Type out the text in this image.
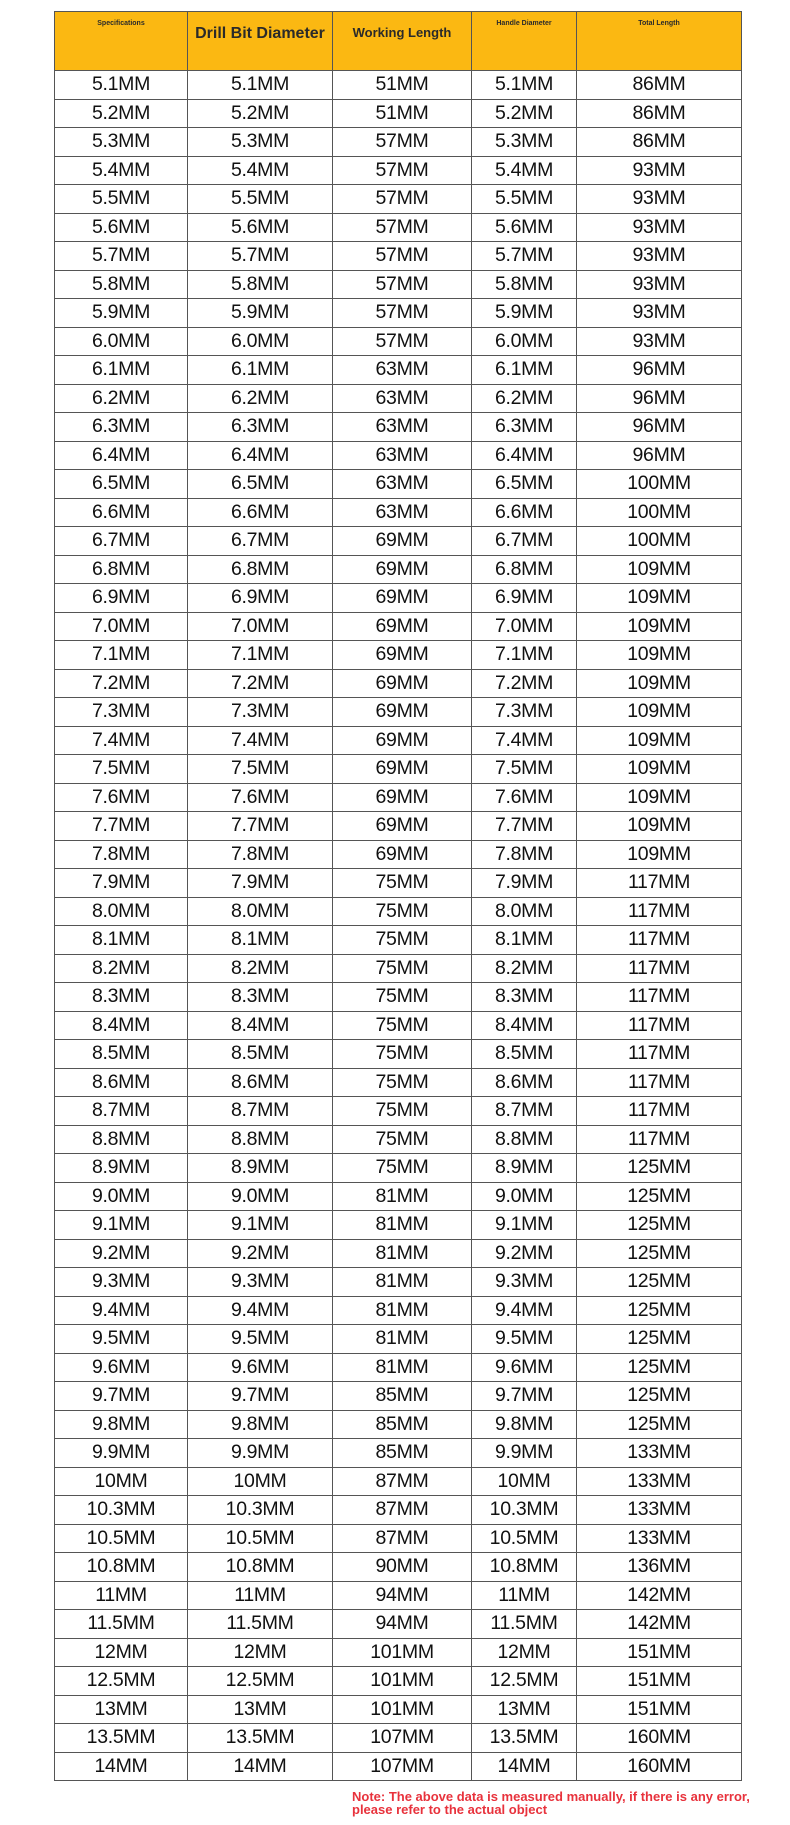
Specifications	Drill Bit Diameter	Working Length	Handle Diameter	Total Length
5.1MM	5.1MM	51MM	5.1MM	86MM
5.2MM	5.2MM	51MM	5.2MM	86MM
5.3MM	5.3MM	57MM	5.3MM	86MM
5.4MM	5.4MM	57MM	5.4MM	93MM
5.5MM	5.5MM	57MM	5.5MM	93MM
5.6MM	5.6MM	57MM	5.6MM	93MM
5.7MM	5.7MM	57MM	5.7MM	93MM
5.8MM	5.8MM	57MM	5.8MM	93MM
5.9MM	5.9MM	57MM	5.9MM	93MM
6.0MM	6.0MM	57MM	6.0MM	93MM
6.1MM	6.1MM	63MM	6.1MM	96MM
6.2MM	6.2MM	63MM	6.2MM	96MM
6.3MM	6.3MM	63MM	6.3MM	96MM
6.4MM	6.4MM	63MM	6.4MM	96MM
6.5MM	6.5MM	63MM	6.5MM	100MM
6.6MM	6.6MM	63MM	6.6MM	100MM
6.7MM	6.7MM	69MM	6.7MM	100MM
6.8MM	6.8MM	69MM	6.8MM	109MM
6.9MM	6.9MM	69MM	6.9MM	109MM
7.0MM	7.0MM	69MM	7.0MM	109MM
7.1MM	7.1MM	69MM	7.1MM	109MM
7.2MM	7.2MM	69MM	7.2MM	109MM
7.3MM	7.3MM	69MM	7.3MM	109MM
7.4MM	7.4MM	69MM	7.4MM	109MM
7.5MM	7.5MM	69MM	7.5MM	109MM
7.6MM	7.6MM	69MM	7.6MM	109MM
7.7MM	7.7MM	69MM	7.7MM	109MM
7.8MM	7.8MM	69MM	7.8MM	109MM
7.9MM	7.9MM	75MM	7.9MM	117MM
8.0MM	8.0MM	75MM	8.0MM	117MM
8.1MM	8.1MM	75MM	8.1MM	117MM
8.2MM	8.2MM	75MM	8.2MM	117MM
8.3MM	8.3MM	75MM	8.3MM	117MM
8.4MM	8.4MM	75MM	8.4MM	117MM
8.5MM	8.5MM	75MM	8.5MM	117MM
8.6MM	8.6MM	75MM	8.6MM	117MM
8.7MM	8.7MM	75MM	8.7MM	117MM
8.8MM	8.8MM	75MM	8.8MM	117MM
8.9MM	8.9MM	75MM	8.9MM	125MM
9.0MM	9.0MM	81MM	9.0MM	125MM
9.1MM	9.1MM	81MM	9.1MM	125MM
9.2MM	9.2MM	81MM	9.2MM	125MM
9.3MM	9.3MM	81MM	9.3MM	125MM
9.4MM	9.4MM	81MM	9.4MM	125MM
9.5MM	9.5MM	81MM	9.5MM	125MM
9.6MM	9.6MM	81MM	9.6MM	125MM
9.7MM	9.7MM	85MM	9.7MM	125MM
9.8MM	9.8MM	85MM	9.8MM	125MM
9.9MM	9.9MM	85MM	9.9MM	133MM
10MM	10MM	87MM	10MM	133MM
10.3MM	10.3MM	87MM	10.3MM	133MM
10.5MM	10.5MM	87MM	10.5MM	133MM
10.8MM	10.8MM	90MM	10.8MM	136MM
11MM	11MM	94MM	11MM	142MM
11.5MM	11.5MM	94MM	11.5MM	142MM
12MM	12MM	101MM	12MM	151MM
12.5MM	12.5MM	101MM	12.5MM	151MM
13MM	13MM	101MM	13MM	151MM
13.5MM	13.5MM	107MM	13.5MM	160MM
14MM	14MM	107MM	14MM	160MM
Note: The above data is measured manually, if there is any error, please refer to the actual object
